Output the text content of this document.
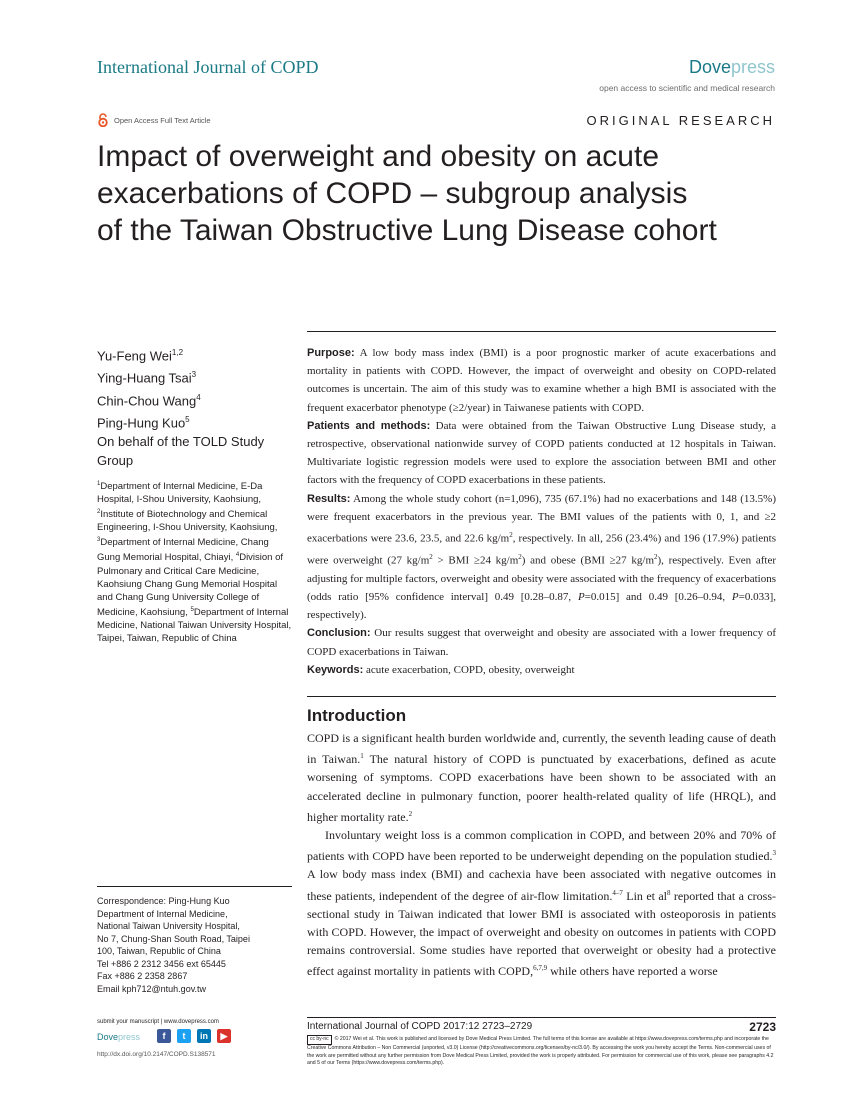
International Journal of COPD	Dovepress
open access to scientific and medical research
Open Access Full Text Article	ORIGINAL RESEARCH
Impact of overweight and obesity on acute
exacerbations of COPD – subgroup analysis
of the Taiwan Obstructive Lung Disease cohort
Yu-Feng Wei$^{1,2}$
Ying-Huang Tsai$^3$
Chin-Chou Wang$^4$
Ping-Hung Kuo$^5$
On behalf of the TOLD Study Group
$^1$Department of Internal Medicine, E-Da Hospital, I-Shou University, Kaohsiung, $^2$Institute of Biotechnology and Chemical Engineering, I-Shou University, Kaohsiung, $^3$Department of Internal Medicine, Chang Gung Memorial Hospital, Chiayi, $^4$Division of Pulmonary and Critical Care Medicine, Kaohsiung Chang Gung Memorial Hospital and Chang Gung University College of Medicine, Kaohsiung, $^5$Department of Internal Medicine, National Taiwan University Hospital, Taipei, Taiwan, Republic of China
Correspondence: Ping-Hung Kuo
Department of Internal Medicine,
National Taiwan University Hospital,
No 7, Chung-Shan South Road, Taipei
100, Taiwan, Republic of China
Tel +886 2 2312 3456 ext 65445
Fax +886 2 2358 2867
Email kph712@ntuh.gov.tw

Purpose: A low body mass index (BMI) is a poor prognostic marker of acute exacerbations and mortality in patients with COPD. However, the impact of overweight and obesity on COPD-related outcomes is uncertain. The aim of this study was to examine whether a high BMI is associated with the frequent exacerbator phenotype (≥2/year) in Taiwanese patients with COPD.

Patients and methods: Data were obtained from the Taiwan Obstructive Lung Disease study, a retrospective, observational nationwide survey of COPD patients conducted at 12 hospitals in Taiwan. Multivariate logistic regression models were used to explore the association between BMI and other factors with the frequency of COPD exacerbations in these patients.

Results: Among the whole study cohort (n=1,096), 735 (67.1%) had no exacerbations and 148 (13.5%) were frequent exacerbators in the previous year. The BMI values of the patients with 0, 1, and ≥2 exacerbations were 23.6, 23.5, and 22.6 $kg/m^2$, respectively. In all, 256 (23.4%) and 196 (17.9%) patients were overweight (27 $kg/m^2$ > BMI ≥24 $kg/m^2$) and obese (BMI ≥27 $kg/m^2$), respectively. Even after adjusting for multiple factors, overweight and obesity were associated with the frequency of exacerbations (odds ratio [95% confidence interval] 0.49 [0.28–0.87, P=0.015] and 0.49 [0.26–0.94, P=0.033], respectively).

Conclusion: Our results suggest that overweight and obesity are associated with a lower frequency of COPD exacerbations in Taiwan.

Keywords: acute exacerbation, COPD, obesity, overweight

Introduction

COPD is a significant health burden worldwide and, currently, the seventh leading cause of death in Taiwan.$^1$ The natural history of COPD is punctuated by exacerbations, defined as acute worsening of symptoms. COPD exacerbations have been shown to be associated with an accelerated decline in pulmonary function, poorer health-related quality of life (HRQL), and higher mortality rate.$^2$

Involuntary weight loss is a common complication in COPD, and between 20% and 70% of patients with COPD have been reported to be underweight depending on the population studied.$^3$ A low body mass index (BMI) and cachexia have been associated with negative outcomes in these patients, independent of the degree of air-flow limitation.$^{4-7}$ Lin et $al^8$ reported that a cross-sectional study in Taiwan indicated that lower BMI is associated with osteoporosis in patients with COPD. However, the impact of overweight and obesity on outcomes in patients with COPD remains controversial. Some studies have reported that overweight or obesity had a protective effect against mortality in patients with COPD,$^{6,7,9}$ while others have reported a worse

submit your manuscript | www.dovepress.com
Dovepress	f	t	in	▶
http://dx.doi.org/10.2147/COPD.S138571
International Journal of COPD 2017:12 2723–2729	2723
cc by-nc © 2017 Wei et al. This work is published and licensed by Dove Medical Press Limited. The full terms of this license are available at https://www.dovepress.com/terms.php and incorporate the Creative Commons Attribution – Non Commercial (unported, v3.0) License (http://creativecommons.org/licenses/by-nc/3.0/). By accessing the work you hereby accept the Terms. Non-commercial uses of the work are permitted without any further permission from Dove Medical Press Limited, provided the work is properly attributed. For permission for commercial use of this work, please see paragraphs 4.2 and 5 of our Terms (https://www.dovepress.com/terms.php).
